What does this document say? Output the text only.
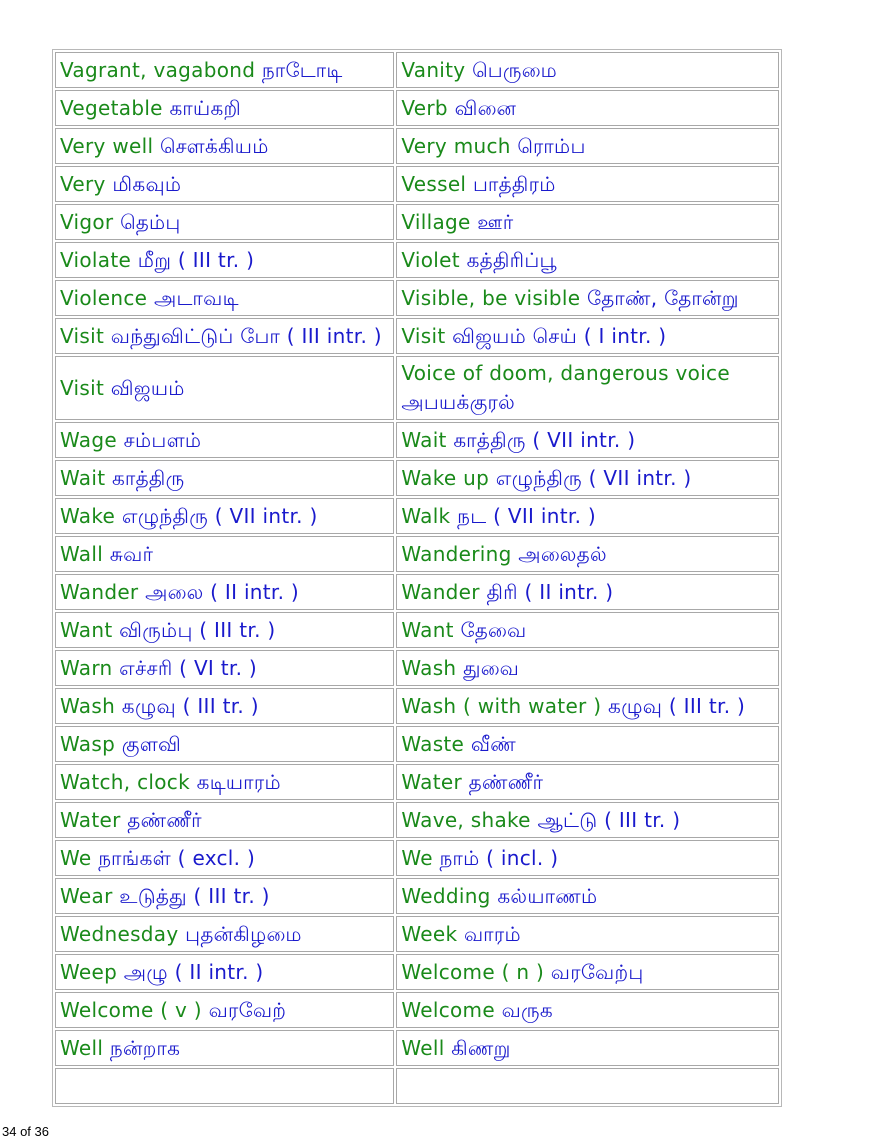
Vagrant, vagabond நாடோடி	Vanity பெருமை
Vegetable காய்கறி	Verb வினை
Very well சௌக்கியம்	Very much ரொம்ப
Very மிகவும்	Vessel பாத்திரம்
Vigor தெம்பு	Village ஊர்
Violate மீறு ( III tr. )	Violet கத்திரிப்பூ
Violence அடாவடி	Visible, be visible தோண், தோன்று
Visit வந்துவிட்டுப் போ ( III intr. )	Visit விஜயம் செய் ( I intr. )
Visit விஜயம்	Voice of doom, dangerous voice அபயக்குரல்
Wage சம்பளம்	Wait காத்திரு ( VII intr. )
Wait காத்திரு	Wake up எழுந்திரு ( VII intr. )
Wake எழுந்திரு ( VII intr. )	Walk நட ( VII intr. )
Wall சுவர்	Wandering அலைதல்
Wander அலை ( II intr. )	Wander திரி ( II intr. )
Want விரும்பு ( III tr. )	Want தேவை
Warn எச்சரி ( VI tr. )	Wash துவை
Wash கழுவு ( III tr. )	Wash ( with water ) கழுவு ( III tr. )
Wasp குளவி	Waste வீண்
Watch, clock கடியாரம்	Water தண்ணீர்
Water தண்ணீர்	Wave, shake ஆட்டு ( III tr. )
We நாங்கள் ( excl. )	We நாம் ( incl. )
Wear உடுத்து ( III tr. )	Wedding கல்யாணம்
Wednesday புதன்கிழமை	Week வாரம்
Weep அழு ( II intr. )	Welcome ( n ) வரவேற்பு
Welcome ( v ) வரவேற்	Welcome வருக
Well நன்றாக	Well கிணறு

34 of 36
